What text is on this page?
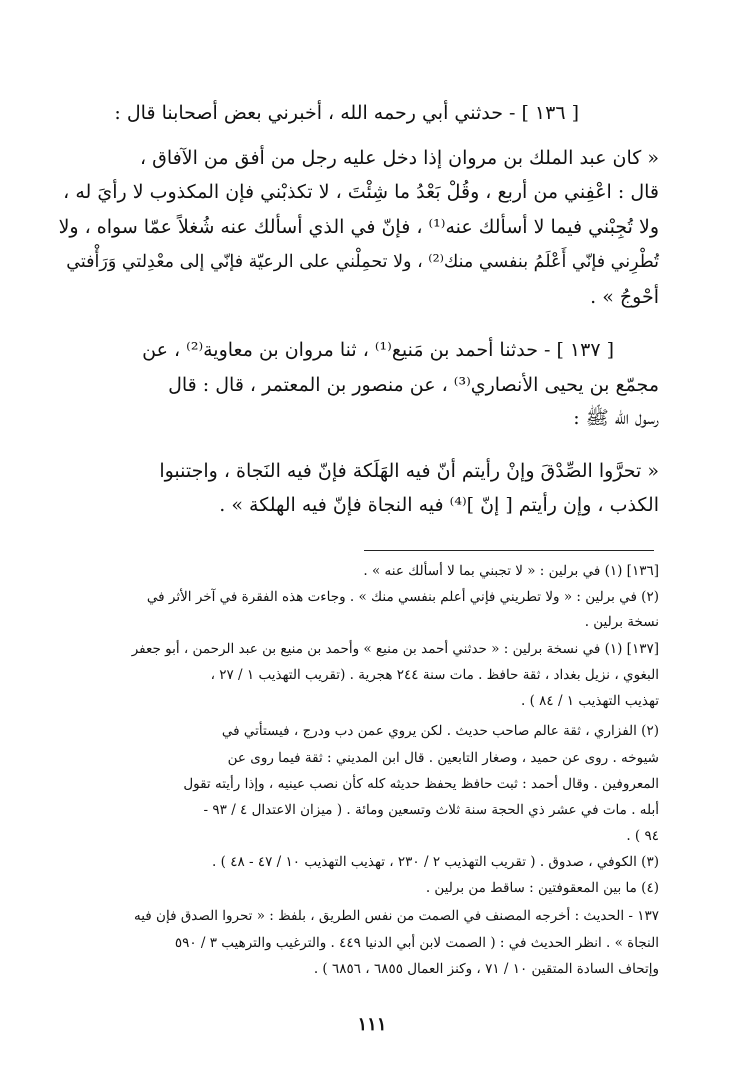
[ ١٣٦ ] - حدثني أبي رحمه الله ، أخبرني بعض أصحابنا قال :
« كان عبد الملك بن مروان إذا دخل عليه رجل من أفق من الآفاق ،
قال : اعْفِني من أربع ، وقُلْ بَعْدُ ما شِئْتَ ، لا تكذبْني فإن المكذوب لا رأيَ له ،
ولا تُجِبْني فيما لا أسألك عنه⁽¹⁾ ، فإنّ في الذي أسألك عنه شُغلاً عمّا سواه ، ولا
تُطْرِني فإنّي أَعْلَمُ بنفسي منك⁽²⁾ ، ولا تحمِلْني على الرعيّة فإنّي إلى معْدِلتي وَرَأْفتي
أحْوجُ » .
[ ١٣٧ ] - حدثنا أحمد بن مَنيع⁽¹⁾ ، ثنا مروان بن معاوية⁽²⁾ ، عن
مجمّع بن يحيى الأنصاري⁽³⁾ ، عن منصور بن المعتمر ، قال : قال
رسول الله ﷺ :
« تحرَّوا الصِّدْقَ وإنْ رأيتم أنّ فيه الهَلَكة فإنّ فيه النَجاة ، واجتنبوا
الكذب ، وإن رأيتم [ إنّ ]⁽⁴⁾ فيه النجاة فإنّ فيه الهلكة » .
[١٣٦] (١) في برلين : « لا تجبني بما لا أسألك عنه » .
(٢) في برلين : « ولا تطريني فإني أعلم بنفسي منك » . وجاءت هذه الفقرة في آخر الأثر في
نسخة برلين .
[١٣٧] (١) في نسخة برلين : « حدثني أحمد بن منيع » وأحمد بن منيع بن عبد الرحمن ، أبو جعفر
البغوي ، نزيل بغداد ، ثقة حافظ . مات سنة ٢٤٤ هجرية . (تقريب التهذيب ١ / ٢٧ ،
تهذيب التهذيب ١ / ٨٤ ) .
(٢) الفزاري ، ثقة عالم صاحب حديث . لكن يروي عمن دب ودرج ، فيستأتي في
شيوخه . روى عن حميد ، وصغار التابعين . قال ابن المديني : ثقة فيما روى عن
المعروفين . وقال أحمد : ثبت حافظ يحفظ حديثه كله كأن نصب عينيه ، وإذا رأيته تقول
أبله . مات في عشر ذي الحجة سنة ثلاث وتسعين ومائة . ( ميزان الاعتدال ٤ / ٩٣ -
٩٤ ) .
(٣) الكوفي ، صدوق . ( تقريب التهذيب ٢ / ٢٣٠ ، تهذيب التهذيب ١٠ / ٤٧ - ٤٨ ) .
(٤) ما بين المعقوفتين : ساقط من برلين .
١٣٧ - الحديث : أخرجه المصنف في الصمت من نفس الطريق ، بلفظ : « تحروا الصدق فإن فيه
النجاة » . انظر الحديث في : ( الصمت لابن أبي الدنيا ٤٤٩ . والترغيب والترهيب ٣ / ٥٩٠
وإتحاف السادة المتقين ١٠ / ٧١ ، وكنز العمال ٦٨٥٥ ، ٦٨٥٦ ) .
١١١
